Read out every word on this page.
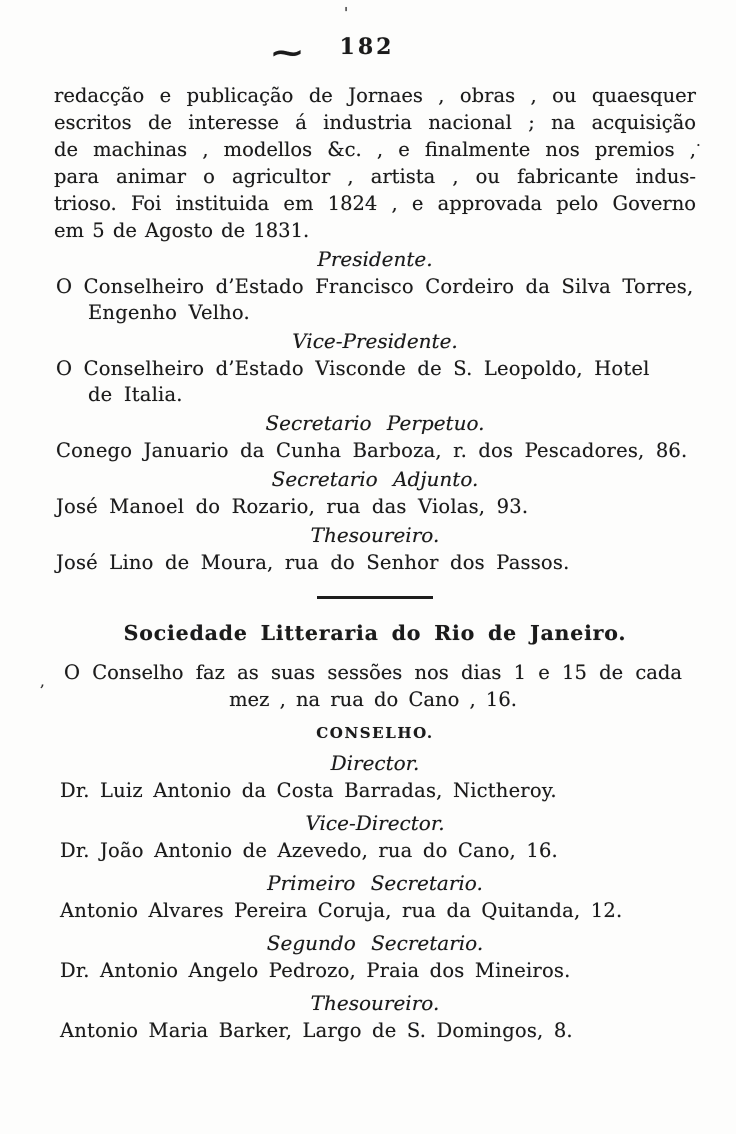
'
,
.
⁓ 182
redacção e publicação de Jornaes , obras , ou quaesquer
escritos de interesse á industria nacional ; na acquisição
de machinas , modellos &c. , e finalmente nos premios ,
para animar o agricultor , artista , ou fabricante indus-
trioso. Foi instituida em 1824 , e approvada pelo Governo
em 5 de Agosto de 1831.
Presidente.
O Conselheiro d’Estado Francisco Cordeiro da Silva Torres,
Engenho Velho.
Vice-Presidente.
O Conselheiro d’Estado Visconde de S. Leopoldo, Hotel
de Italia.
Secretario Perpetuo.
Conego Januario da Cunha Barboza, r. dos Pescadores, 86.
Secretario Adjunto.
José Manoel do Rozario, rua das Violas, 93.
Thesoureiro.
José Lino de Moura, rua do Senhor dos Passos.
Sociedade Litteraria do Rio de Janeiro.
O Conselho faz as suas sessões nos dias 1 e 15 de cada
mez , na rua do Cano , 16.
CONSELHO.
Director.
Dr. Luiz Antonio da Costa Barradas, Nictheroy.
Vice-Director.
Dr. João Antonio de Azevedo, rua do Cano, 16.
Primeiro Secretario.
Antonio Alvares Pereira Coruja, rua da Quitanda, 12.
Segundo Secretario.
Dr. Antonio Angelo Pedrozo, Praia dos Mineiros.
Thesoureiro.
Antonio Maria Barker, Largo de S. Domingos, 8.
